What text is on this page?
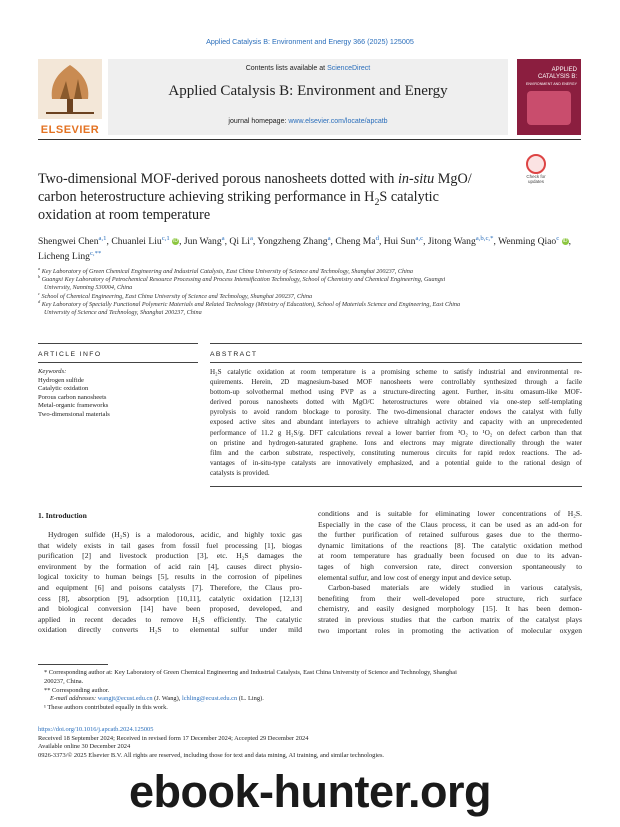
Applied Catalysis B: Environment and Energy 366 (2025) 125005
ELSEVIER
Contents lists available at ScienceDirect
Applied Catalysis B: Environment and Energy
journal homepage: www.elsevier.com/locate/apcatb
APPLIED
CATALYSIS B:
ENVIRONMENT AND ENERGY
Two-dimensional MOF-derived porous nanosheets dotted with in-situ MgO/
carbon heterostructure achieving striking performance in $H_2S$ catalytic
oxidation at room temperature
Check for updates
Shengwei Chen$^{a,1}$, Chuanlei Liu$^{c,1}$ iD, Jun Wang$^a$, Qi Li$^a$, Yongzheng Zhang$^a$, Cheng Ma$^d$, Hui Sun$^{a,c}$, Jitong Wang$^{a,b,c,*}$, Wenming Qiao$^c$ iD, Licheng Ling$^{c,**}$
$^a$ Key Laboratory of Green Chemical Engineering and Industrial Catalysis, East China University of Science and Technology, Shanghai 200237, China
$^b$ Guangxi Key Laboratory of Petrochemical Resource Processing and Process Intensification Technology, School of Chemistry and Chemical Engineering, Guangxi
University, Nanning 530004, China
$^c$ School of Chemical Engineering, East China University of Science and Technology, Shanghai 200237, China
$^d$ Key Laboratory of Specially Functional Polymeric Materials and Related Technology (Ministry of Education), School of Materials Science and Engineering, East China
University of Science and Technology, Shanghai 200237, China
ARTICLE INFO	ABSTRACT
Keywords:
Hydrogen sulfide
Catalytic oxidation
Porous carbon nanosheets
Metal-organic frameworks
Two-dimensional materials
H₂S catalytic oxidation at room temperature is a promising scheme to satisfy industrial and environmental re-
quirements. Herein, 2D magnesium-based MOF nanosheets were controllably synthesized through a facile
bottom-up solvothermal method using PVP as a structure-directing agent. Further, in-situ omasum-like MOF-
derived porous nanosheets dotted with MgO/C heterostructures were obtained via one-step self-templating
pyrolysis to avoid random blockage to porosity. The two-dimensional character endows the catalyst with fully
exposed active sites and abundant interlayers to achieve ultrahigh activity and capacity with an unprecedented
performance of 11.2 g H₂S/g. DFT calculations reveal a lower barrier from ³O₂ to ¹O₂ on defect carbon than that
on pristine and hydrogen-saturated graphene. Ions and electrons may migrate directionally through the water
film and the carbon substrate, respectively, constituting numerous circuits for rapid redox reactions. The ad-
vantages of in-situ-type catalysts are innovatively emphasized, and a potential guide to the rational design of
catalysts is provided.
1. Introduction
Hydrogen sulfide (H₂S) is a malodorous, acidic, and highly toxic gas
that widely exists in tail gases from fossil fuel processing [1], biogas
purification [2] and livestock production [3], etc. H₂S damages the
environment by the formation of acid rain [4], causes direct physio-
logical toxicity to human beings [5], results in the corrosion of pipelines
and equipment [6] and poisons catalysts [7]. Therefore, the Claus pro-
cess [8], absorption [9], adsorption [10,11], catalytic oxidation [12,13]
and biological conversion [14] have been proposed, developed, and
applied in recent decades to remove H₂S efficiently. The catalytic
oxidation directly converts H₂S to elemental sulfur under mild
conditions and is suitable for eliminating lower concentrations of H₂S.
Especially in the case of the Claus process, it can be used as an add-on for
the further purification of retained sulfurous gases due to the thermo-
dynamic limitations of the reactions [8]. The catalytic oxidation method
at room temperature has gradually been focused on due to its advan-
tages of high conversion rate, direct conversion spontaneously to
elemental sulfur, and low cost of energy input and device setup.
Carbon-based materials are widely studied in various catalysis,
benefiting from their well-developed pore structure, rich surface
chemistry, and easily designed morphology [15]. It has been demon-
strated in previous studies that the carbon matrix of the catalyst plays
two important roles in promoting the activation of molecular oxygen
* Corresponding author at: Key Laboratory of Green Chemical Engineering and Industrial Catalysis, East China University of Science and Technology, Shanghai
200237, China.
** Corresponding author.
E-mail addresses: wangjt@ecust.edu.cn (J. Wang), lchling@ecust.edu.cn (L. Ling).
¹ These authors contributed equally in this work.
https://doi.org/10.1016/j.apcatb.2024.125005
Received 18 September 2024; Received in revised form 17 December 2024; Accepted 29 December 2024
Available online 30 December 2024
0926-3373/© 2025 Elsevier B.V. All rights are reserved, including those for text and data mining, AI training, and similar technologies.
ebook-hunter.org
